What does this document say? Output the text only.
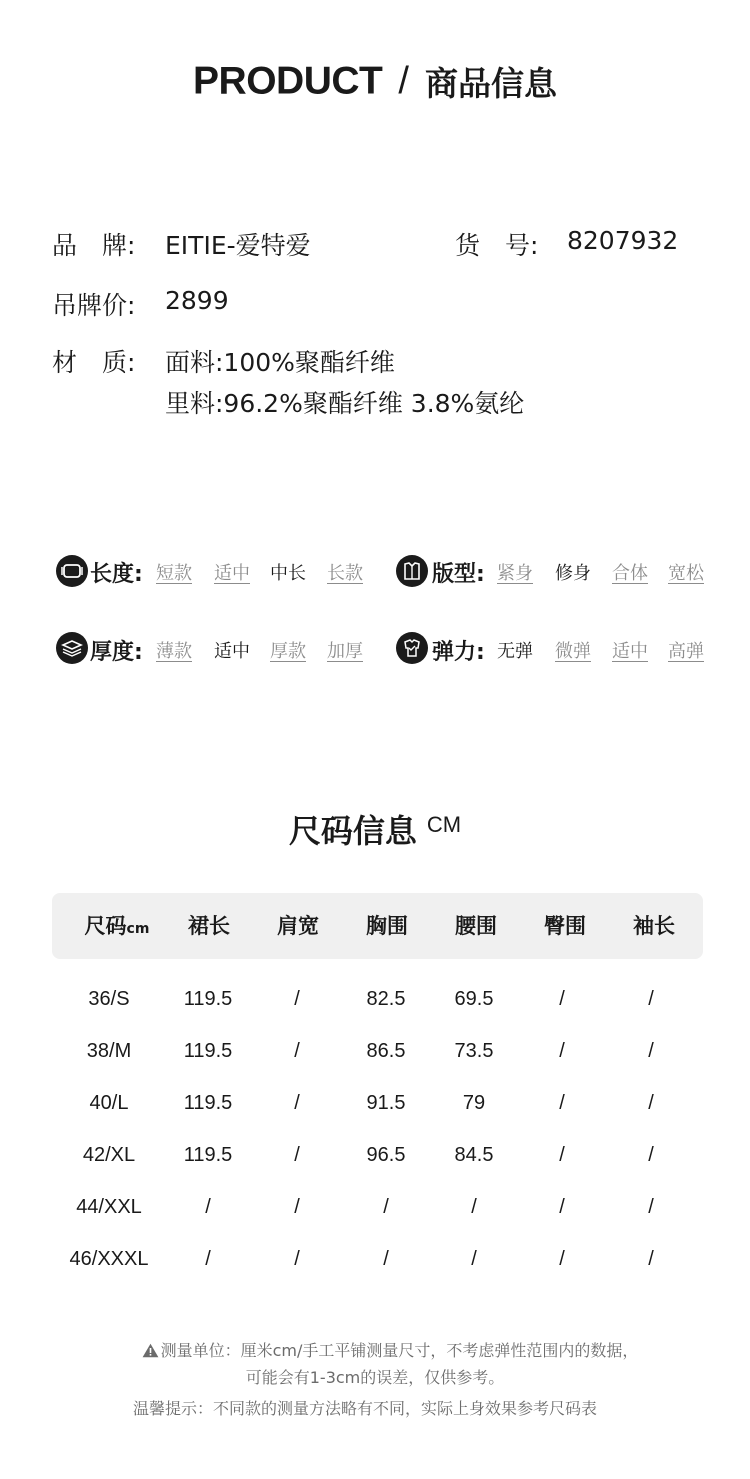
PRODUCT / 商品信息
品　牌: EITIE-爱特爱	货　号: 8207932
吊牌价: 2899
材　质: 面料:100%聚酯纤维
里料:96.2%聚酯纤维 3.8%氨纶
长度: 短款	适中	中长	长款	版型: 紧身	修身	合体	宽松
厚度: 薄款	适中	厚款	加厚	弹力: 无弹	微弹	适中	高弹
尺码信息 CM
尺码cm	裙长	肩宽	胸围	腰围	臀围	袖长
36/S	119.5	/	82.5	69.5	/	/
38/M	119.5	/	86.5	73.5	/	/
40/L	119.5	/	91.5	79	/	/
42/XL	119.5	/	96.5	84.5	/	/
44/XXL	/	/	/	/	/	/
46/XXXL	/	/	/	/	/	/
测量单位：厘米cm/手工平铺测量尺寸，不考虑弹性范围内的数据，
可能会有1-3cm的误差，仅供参考。
温馨提示：不同款的测量方法略有不同，实际上身效果参考尺码表
